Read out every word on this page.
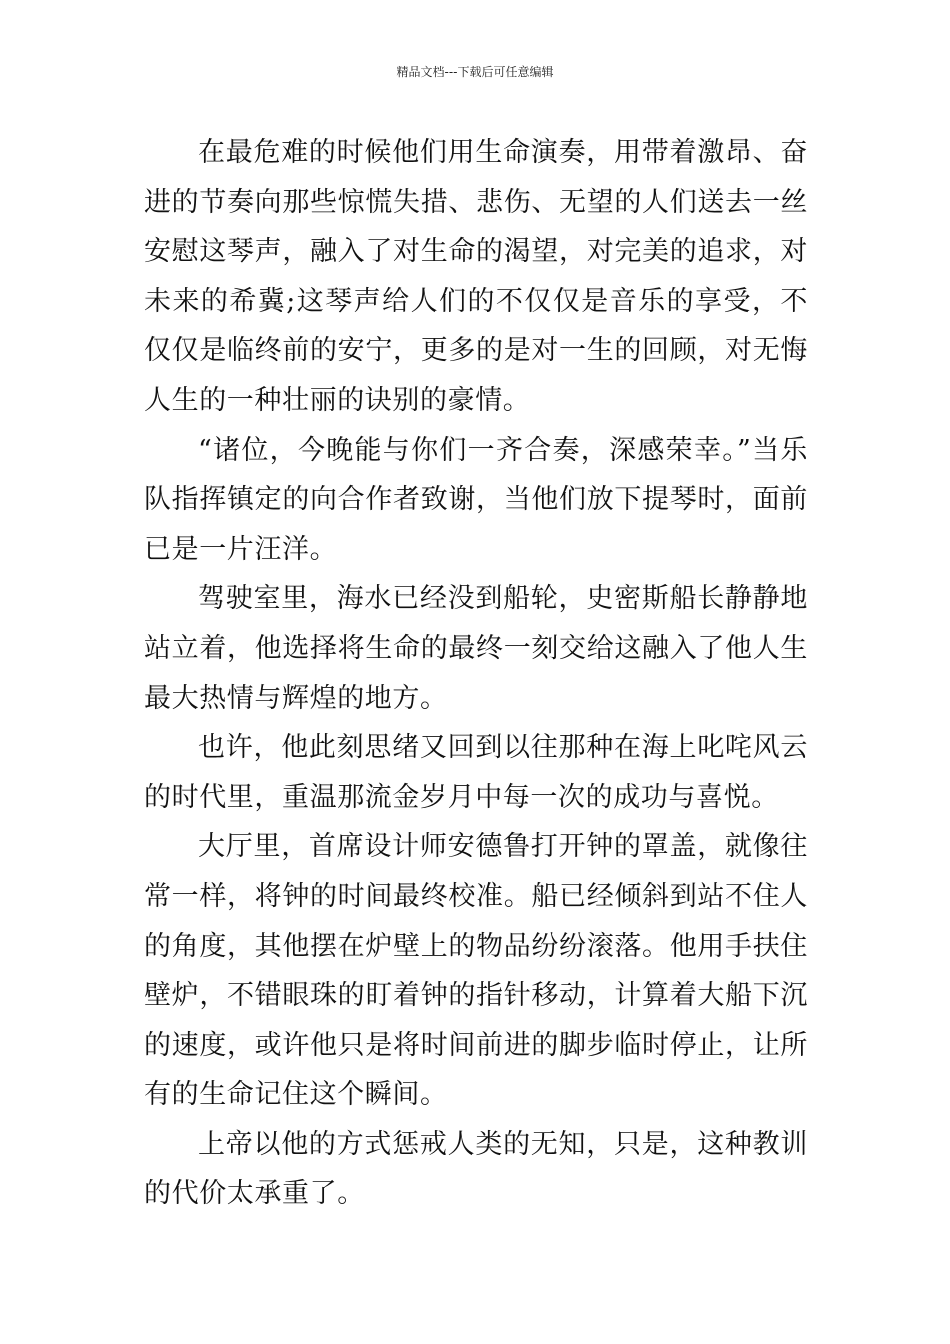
精品文档---下载后可任意编辑

在最危难的时候他们用生命演奏，用带着激昂、奋进的节奏向那些惊慌失措、悲伤、无望的人们送去一丝安慰这琴声，融入了对生命的渴望，对完美的追求，对未来的希冀;这琴声给人们的不仅仅是音乐的享受，不仅仅是临终前的安宁，更多的是对一生的回顾，对无悔人生的一种壮丽的诀别的豪情。

“诸位，今晚能与你们一齐合奏，深感荣幸。”当乐队指挥镇定的向合作者致谢，当他们放下提琴时，面前已是一片汪洋。

驾驶室里，海水已经没到船轮，史密斯船长静静地站立着，他选择将生命的最终一刻交给这融入了他人生最大热情与辉煌的地方。

也许，他此刻思绪又回到以往那种在海上叱咤风云的时代里，重温那流金岁月中每一次的成功与喜悦。

大厅里，首席设计师安德鲁打开钟的罩盖，就像往常一样，将钟的时间最终校准。船已经倾斜到站不住人的角度，其他摆在炉壁上的物品纷纷滚落。他用手扶住壁炉，不错眼珠的盯着钟的指针移动，计算着大船下沉的速度，或许他只是将时间前进的脚步临时停止，让所有的生命记住这个瞬间。

上帝以他的方式惩戒人类的无知，只是，这种教训的代价太承重了。
